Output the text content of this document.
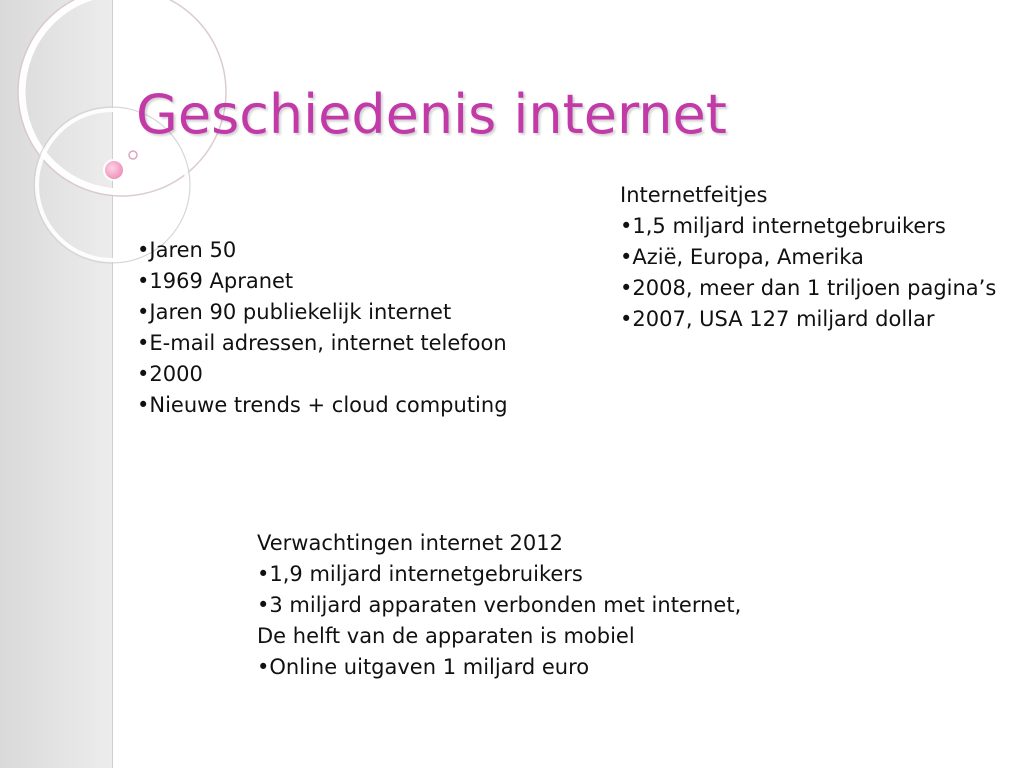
Geschiedenis internet
•Jaren 50
•1969 Apranet
•Jaren 90 publiekelijk internet
•E-mail adressen, internet telefoon
•2000
•Nieuwe trends + cloud computing
Internetfeitjes
•1,5 miljard internetgebruikers
•Azië, Europa, Amerika
•2008, meer dan 1 triljoen pagina’s
•2007, USA 127 miljard dollar
Verwachtingen internet 2012
•1,9 miljard internetgebruikers
•3 miljard apparaten verbonden met internet,
De helft van de apparaten is mobiel
•Online uitgaven 1 miljard euro
